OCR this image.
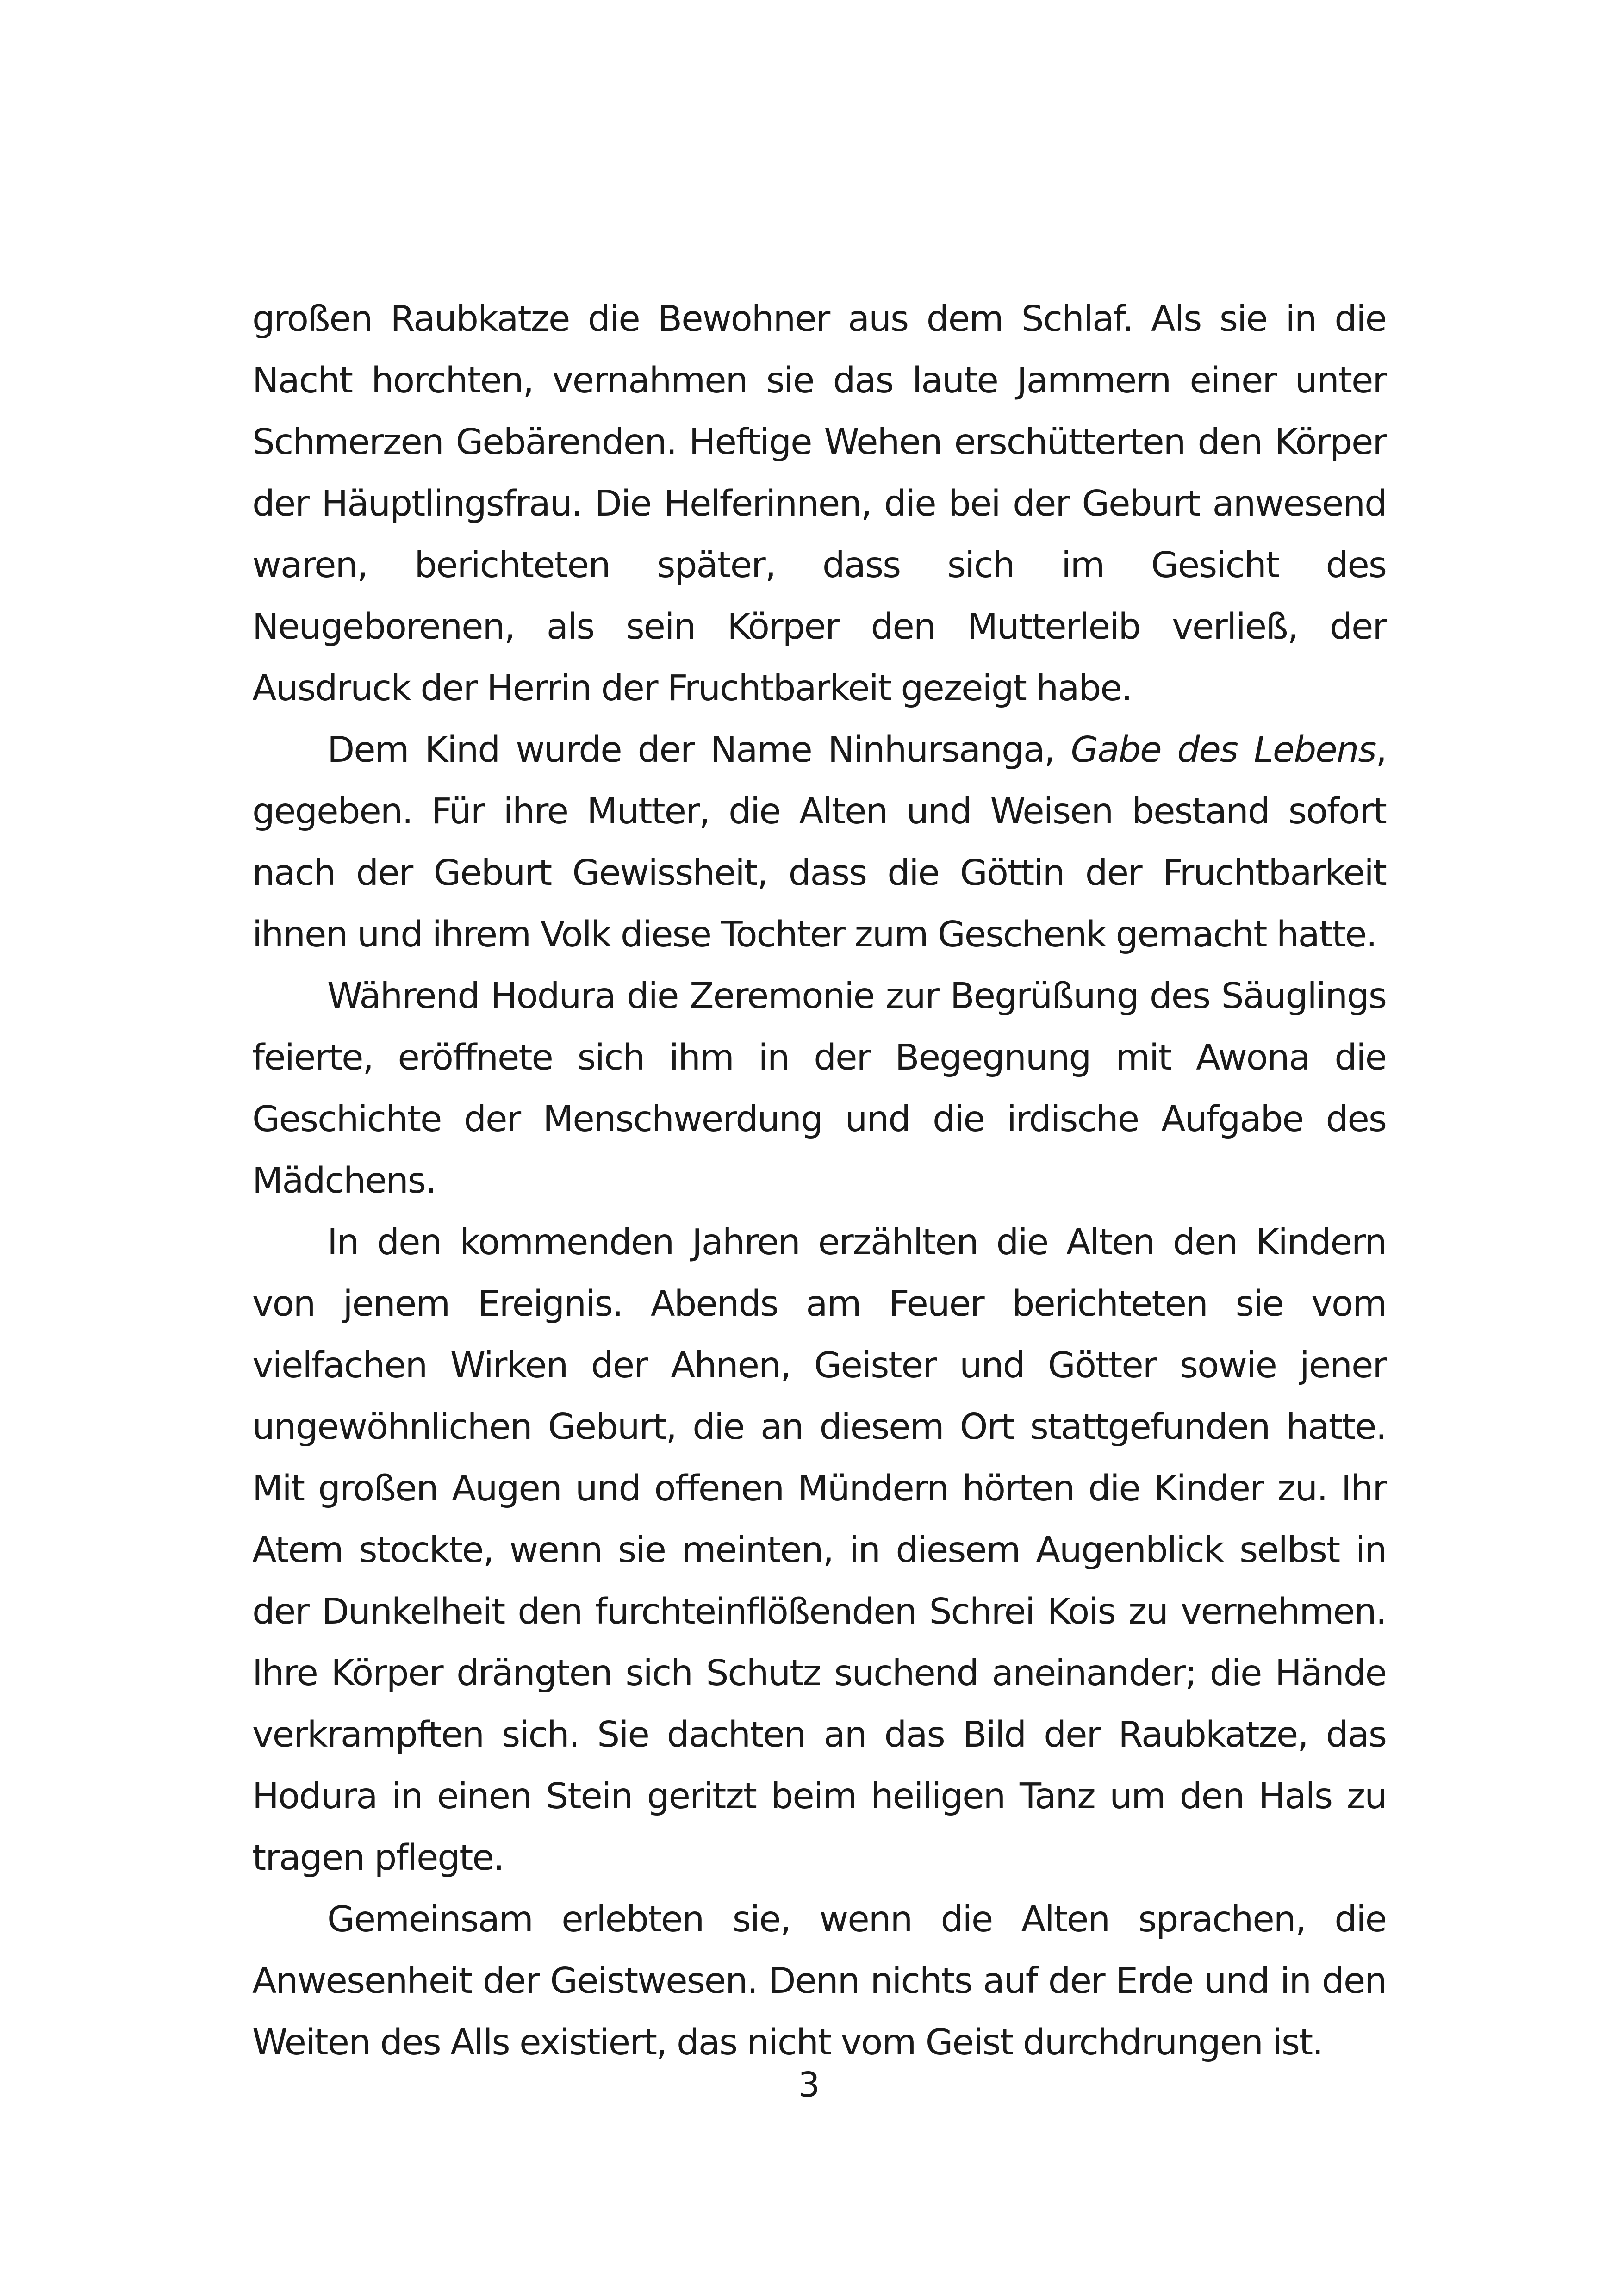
großen Raubkatze die Bewohner aus dem Schlaf. Als sie in die Nacht horchten, vernahmen sie das laute Jammern einer unter Schmerzen Gebärenden. Heftige Wehen erschütterten den Körper der Häuptlingsfrau. Die Helferinnen, die bei der Geburt anwesend waren, berichteten später, dass sich im Gesicht des Neugeborenen, als sein Körper den Mutterleib verließ, der Ausdruck der Herrin der Fruchtbarkeit gezeigt habe.

Dem Kind wurde der Name Ninhursanga, Gabe des Lebens, gegeben. Für ihre Mutter, die Alten und Weisen bestand sofort nach der Geburt Gewissheit, dass die Göttin der Fruchtbarkeit ihnen und ihrem Volk diese Tochter zum Geschenk gemacht hatte.

Während Hodura die Zeremonie zur Begrüßung des Säuglings feierte, eröffnete sich ihm in der Begegnung mit Awona die Geschichte der Menschwerdung und die irdische Aufgabe des Mädchens.

In den kommenden Jahren erzählten die Alten den Kindern von jenem Ereignis. Abends am Feuer berichteten sie vom vielfachen Wirken der Ahnen, Geister und Götter sowie jener ungewöhnlichen Geburt, die an diesem Ort stattgefunden hatte. Mit großen Augen und offenen Mündern hörten die Kinder zu. Ihr Atem stockte, wenn sie meinten, in diesem Augenblick selbst in der Dunkelheit den furchteinflößenden Schrei Kois zu vernehmen. Ihre Körper drängten sich Schutz suchend aneinander; die Hände verkrampften sich. Sie dachten an das Bild der Raubkatze, das Hodura in einen Stein geritzt beim heiligen Tanz um den Hals zu tragen pflegte.

Gemeinsam erlebten sie, wenn die Alten sprachen, die Anwesenheit der Geistwesen. Denn nichts auf der Erde und in den Weiten des Alls existiert, das nicht vom Geist durchdrungen ist.

3
